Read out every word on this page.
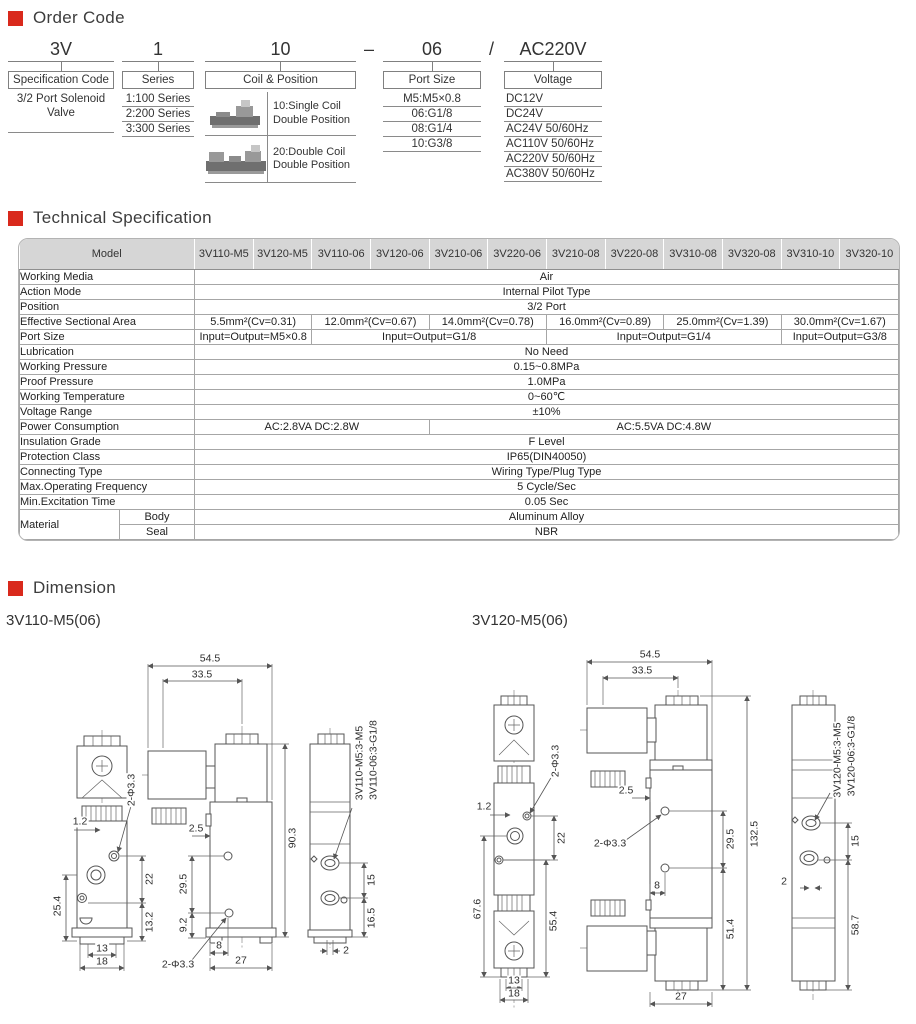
Order Code
3V
Specification Code
3/2 Port Solenoid
Valve
1
Series
1:100 Series
2:200 Series
3:300 Series
10
Coil & Position
10:Single Coil
Double Position
20:Double Coil
Double Position
–	06
Port Size
M5:M5×0.8
06:G1/8
08:G1/4
10:G3/8
/	AC220V
Voltage
DC12V
DC24V
AC24V 50/60Hz
AC110V 50/60Hz
AC220V 50/60Hz
AC380V 50/60Hz
Technical Specification
Model		3V110-M5	3V120-M5	3V110-06	3V120-06	3V210-06	3V220-06	3V210-08	3V220-08	3V310-08	3V320-08	3V310-10	3V320-10
Working Media		Air											
Action Mode		Internal Pilot Type											
Position		3/2 Port											
Effective Sectional Area		5.5mm²(Cv=0.31)		12.0mm²(Cv=0.67)		14.0mm²(Cv=0.78)		16.0mm²(Cv=0.89)		25.0mm²(Cv=1.39)		30.0mm²(Cv=1.67)	
Port Size		Input=Output=M5×0.8		Input=Output=G1/8				Input=Output=G1/4				Input=Output=G3/8	
Lubrication		No Need											
Working Pressure		0.15~0.8MPa											
Proof Pressure		1.0MPa											
Working Temperature		0~60℃											
Voltage Range		±10%											
Power Consumption		AC:2.8VA DC:2.8W				AC:5.5VA DC:4.8W							
Insulation Grade		F Level											
Protection Class		IP65(DIN40050)											
Connecting Type		Wiring Type/Plug Type											
Max.Operating Frequency		5 Cycle/Sec											
Min.Excitation Time		0.05 Sec											
Material	Body	Aluminum Alloy											
	Seal	NBR											
Dimension
3V110-M5(06)	3V120-M5(06)
54.5
33.5
90.3
2.5
29.5
9.2
8
27
2-Φ3.3
1.2
2-Φ3.3
25.4
22
13.2
13
18
15
16.5
2
3V110-M5:3-M5 3V110-06:3-G1/8
54.5
33.5
2.5
2-Φ3.3
8
29.5 132.5
51.4
27
1.2
2-Φ3.3
22
67.6
55.4
13
18
15
2
58.7
3V120-M5:3-M5 3V120-06:3-G1/8
